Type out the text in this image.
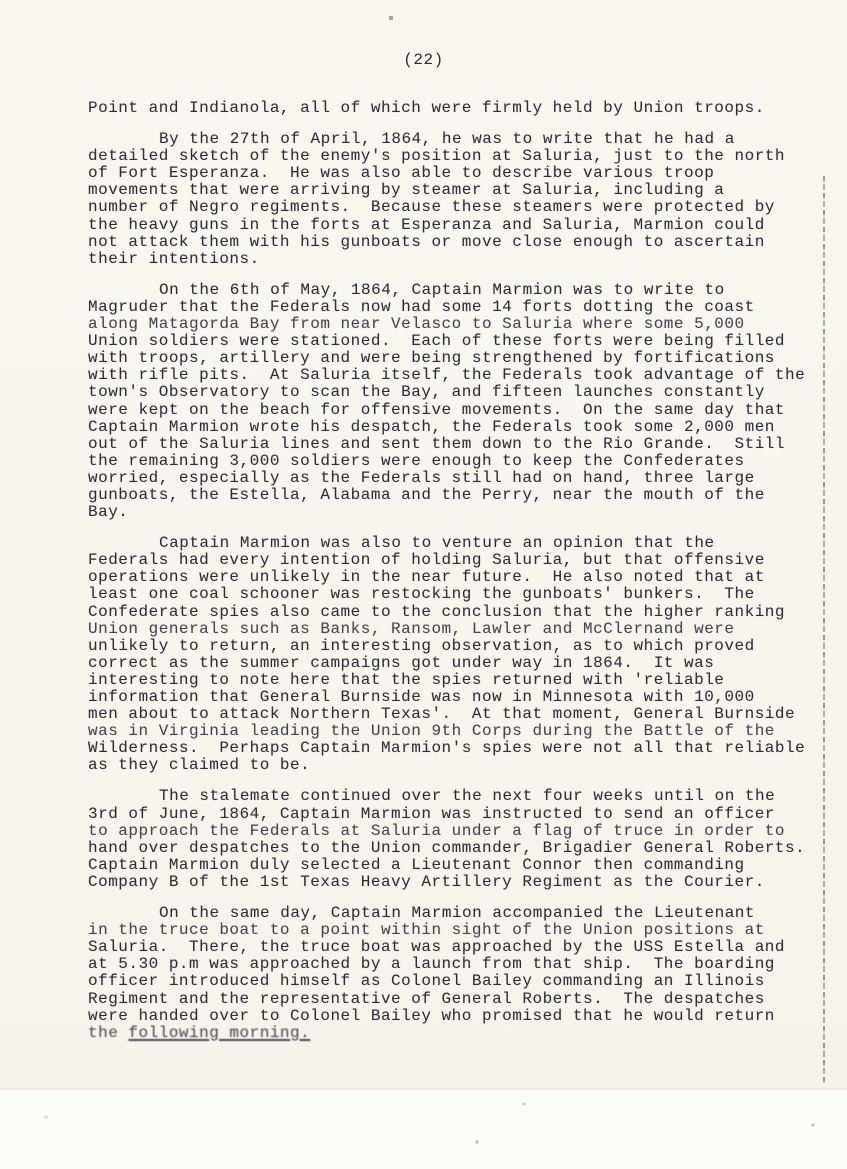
(22)
Point and Indianola, all of which were firmly held by Union troops.
By the 27th of April, 1864, he was to write that he had a
detailed sketch of the enemy's position at Saluria, just to the north
of Fort Esperanza.  He was also able to describe various troop
movements that were arriving by steamer at Saluria, including a
number of Negro regiments.  Because these steamers were protected by
the heavy guns in the forts at Esperanza and Saluria, Marmion could
not attack them with his gunboats or move close enough to ascertain
their intentions.
On the 6th of May, 1864, Captain Marmion was to write to
Magruder that the Federals now had some 14 forts dotting the coast
along Matagorda Bay from near Velasco to Saluria where some 5,000
Union soldiers were stationed.  Each of these forts were being filled
with troops, artillery and were being strengthened by fortifications
with rifle pits.  At Saluria itself, the Federals took advantage of the
town's Observatory to scan the Bay, and fifteen launches constantly
were kept on the beach for offensive movements.  On the same day that
Captain Marmion wrote his despatch, the Federals took some 2,000 men
out of the Saluria lines and sent them down to the Rio Grande.  Still
the remaining 3,000 soldiers were enough to keep the Confederates
worried, especially as the Federals still had on hand, three large
gunboats, the Estella, Alabama and the Perry, near the mouth of the
Bay.
Captain Marmion was also to venture an opinion that the
Federals had every intention of holding Saluria, but that offensive
operations were unlikely in the near future.  He also noted that at
least one coal schooner was restocking the gunboats' bunkers.  The
Confederate spies also came to the conclusion that the higher ranking
Union generals such as Banks, Ransom, Lawler and McClernand were
unlikely to return, an interesting observation, as to which proved
correct as the summer campaigns got under way in 1864.  It was
interesting to note here that the spies returned with 'reliable
information that General Burnside was now in Minnesota with 10,000
men about to attack Northern Texas'.  At that moment, General Burnside
was in Virginia leading the Union 9th Corps during the Battle of the
Wilderness.  Perhaps Captain Marmion's spies were not all that reliable
as they claimed to be.
The stalemate continued over the next four weeks until on the
3rd of June, 1864, Captain Marmion was instructed to send an officer
to approach the Federals at Saluria under a flag of truce in order to
hand over despatches to the Union commander, Brigadier General Roberts.
Captain Marmion duly selected a Lieutenant Connor then commanding
Company B of the 1st Texas Heavy Artillery Regiment as the Courier.
On the same day, Captain Marmion accompanied the Lieutenant
in the truce boat to a point within sight of the Union positions at
Saluria.  There, the truce boat was approached by the USS Estella and
at 5.30 p.m was approached by a launch from that ship.  The boarding
officer introduced himself as Colonel Bailey commanding an Illinois
Regiment and the representative of General Roberts.  The despatches
were handed over to Colonel Bailey who promised that he would return
the following morning.
